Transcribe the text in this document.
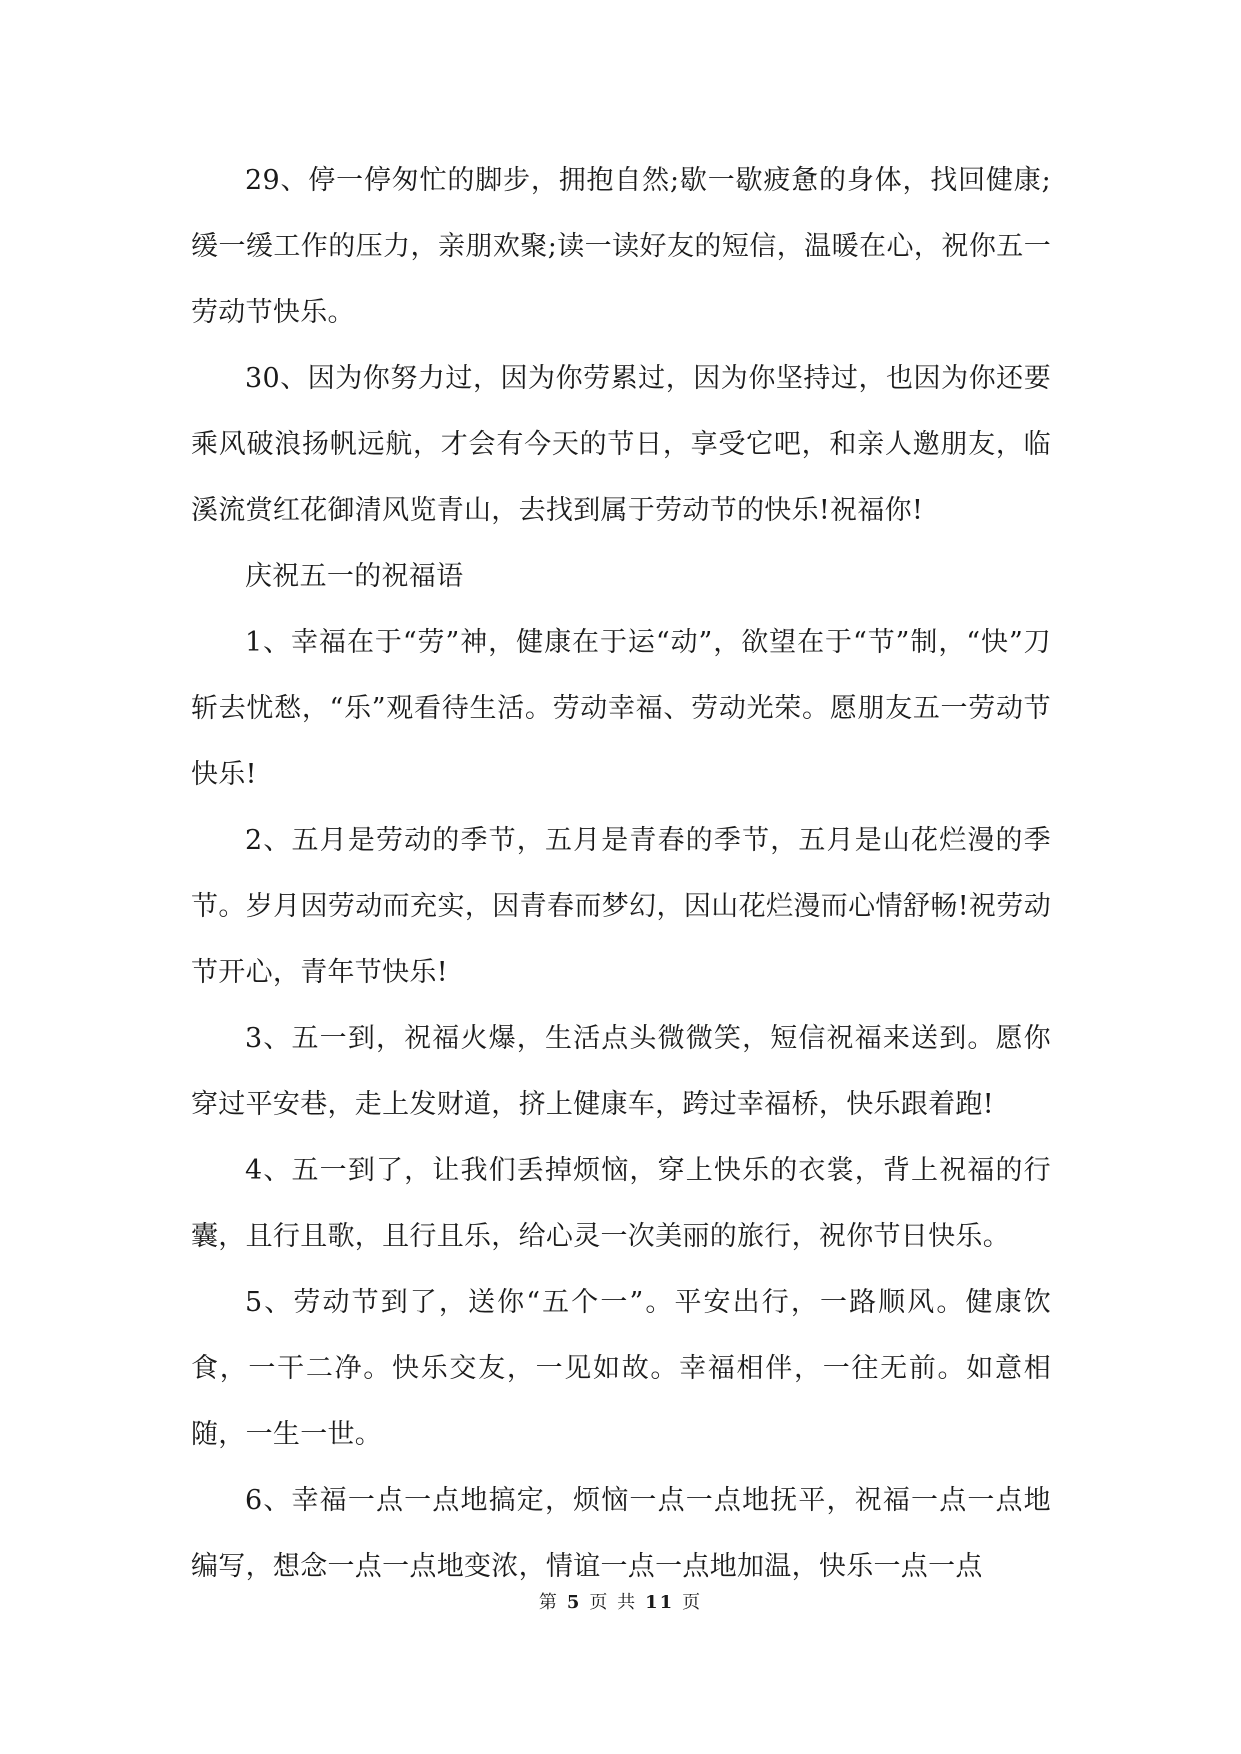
29、停一停匆忙的脚步，拥抱自然;歇一歇疲惫的身体，找回健康;缓一缓工作的压力，亲朋欢聚;读一读好友的短信，温暖在心，祝你五一劳动节快乐。

30、因为你努力过，因为你劳累过，因为你坚持过，也因为你还要乘风破浪扬帆远航，才会有今天的节日，享受它吧，和亲人邀朋友，临溪流赏红花御清风览青山，去找到属于劳动节的快乐!祝福你!

庆祝五一的祝福语

1、幸福在于“劳”神，健康在于运“动”，欲望在于“节”制，“快”刀斩去忧愁，“乐”观看待生活。劳动幸福、劳动光荣。愿朋友五一劳动节快乐!

2、五月是劳动的季节，五月是青春的季节，五月是山花烂漫的季节。岁月因劳动而充实，因青春而梦幻，因山花烂漫而心情舒畅!祝劳动节开心，青年节快乐!

3、五一到，祝福火爆，生活点头微微笑，短信祝福来送到。愿你穿过平安巷，走上发财道，挤上健康车，跨过幸福桥，快乐跟着跑!

4、五一到了，让我们丢掉烦恼，穿上快乐的衣裳，背上祝福的行囊，且行且歌，且行且乐，给心灵一次美丽的旅行，祝你节日快乐。

5、劳动节到了，送你“五个一”。平安出行，一路顺风。健康饮食，一干二净。快乐交友，一见如故。幸福相伴，一往无前。如意相随，一生一世。

6、幸福一点一点地搞定，烦恼一点一点地抚平，祝福一点一点地编写，想念一点一点地变浓，情谊一点一点地加温，快乐一点一点

第 5 页 共 11 页
